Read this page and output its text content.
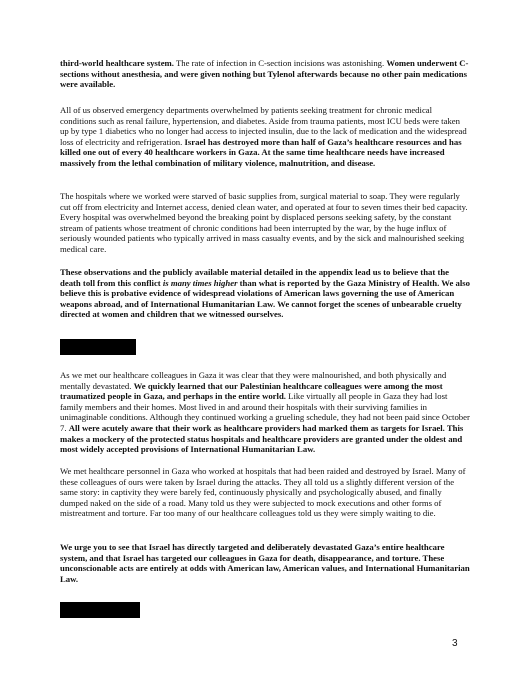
third-world healthcare system. The rate of infection in C-section incisions was astonishing. Women underwent C-sections without anesthesia, and were given nothing but Tylenol afterwards because no other pain medications were available.

All of us observed emergency departments overwhelmed by patients seeking treatment for chronic medical conditions such as renal failure, hypertension, and diabetes. Aside from trauma patients, most ICU beds were taken up by type 1 diabetics who no longer had access to injected insulin, due to the lack of medication and the widespread loss of electricity and refrigeration. Israel has destroyed more than half of Gaza’s healthcare resources and has killed one out of every 40 healthcare workers in Gaza. At the same time healthcare needs have increased massively from the lethal combination of military violence, malnutrition, and disease.

The hospitals where we worked were starved of basic supplies from, surgical material to soap. They were regularly cut off from electricity and Internet access, denied clean water, and operated at four to seven times their bed capacity. Every hospital was overwhelmed beyond the breaking point by displaced persons seeking safety, by the constant stream of patients whose treatment of chronic conditions had been interrupted by the war, by the huge influx of seriously wounded patients who typically arrived in mass casualty events, and by the sick and malnourished seeking medical care.

These observations and the publicly available material detailed in the appendix lead us to believe that the death toll from this conflict is many times higher than what is reported by the Gaza Ministry of Health. We also believe this is probative evidence of widespread violations of American laws governing the use of American weapons abroad, and of International Humanitarian Law. We cannot forget the scenes of unbearable cruelty directed at women and children that we witnessed ourselves.

As we met our healthcare colleagues in Gaza it was clear that they were malnourished, and both physically and mentally devastated. We quickly learned that our Palestinian healthcare colleagues were among the most traumatized people in Gaza, and perhaps in the entire world. Like virtually all people in Gaza they had lost family members and their homes. Most lived in and around their hospitals with their surviving families in unimaginable conditions. Although they continued working a grueling schedule, they had not been paid since October 7. All were acutely aware that their work as healthcare providers had marked them as targets for Israel. This makes a mockery of the protected status hospitals and healthcare providers are granted under the oldest and most widely accepted provisions of International Humanitarian Law.

We met healthcare personnel in Gaza who worked at hospitals that had been raided and destroyed by Israel. Many of these colleagues of ours were taken by Israel during the attacks. They all told us a slightly different version of the same story: in captivity they were barely fed, continuously physically and psychologically abused, and finally dumped naked on the side of a road. Many told us they were subjected to mock executions and other forms of mistreatment and torture. Far too many of our healthcare colleagues told us they were simply waiting to die.

We urge you to see that Israel has directly targeted and deliberately devastated Gaza’s entire healthcare system, and that Israel has targeted our colleagues in Gaza for death, disappearance, and torture. These unconscionable acts are entirely at odds with American law, American values, and International Humanitarian Law.

3
